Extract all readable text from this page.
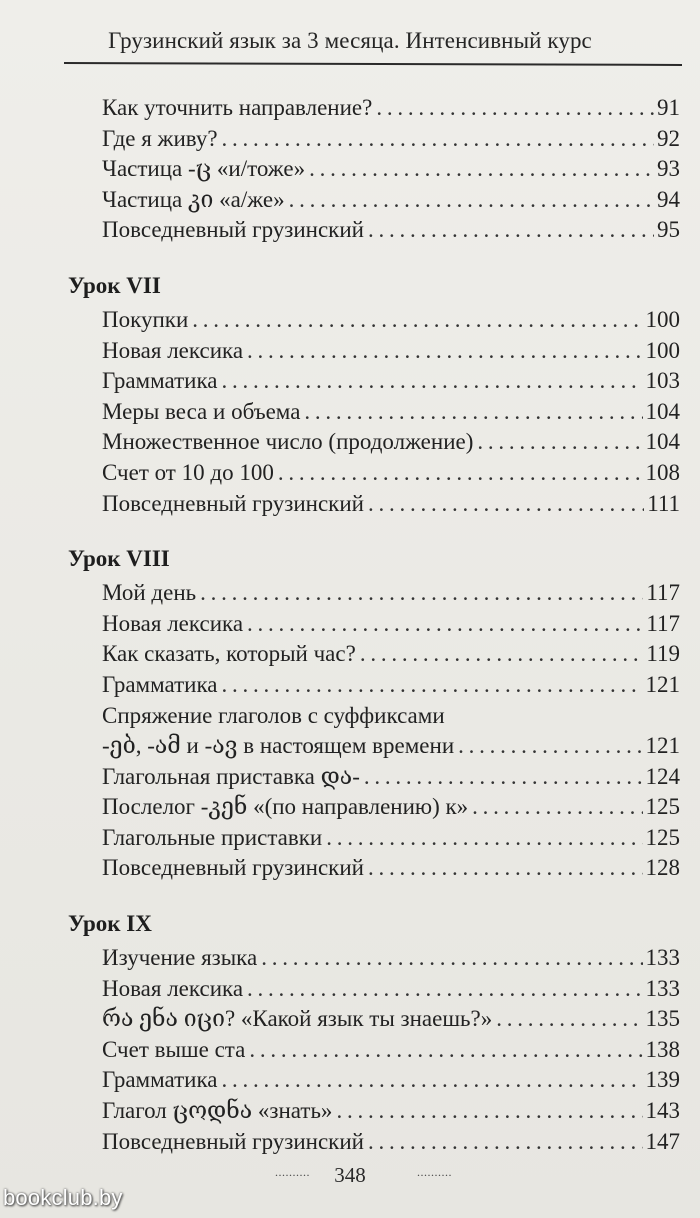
Грузинский язык за 3 месяца. Интенсивный курс
Как уточнить направление? . . .	91
Где я живу? . . .	92
Частица -ც «и/тоже» . . .	93
Частица კი «а/же» . . .	94
Повседневный грузинский . . .	95
Урок VII
Покупки . . .	100
Новая лексика . . .	100
Грамматика . . .	103
Меры веса и объема . . .	104
Множественное число (продолжение) . . .	104
Счет от 10 до 100 . . .	108
Повседневный грузинский . . .	111
Урок VIII
Мой день . . .	117
Новая лексика . . .	117
Как сказать, который час? . . .	119
Грамматика . . .	121
Спряжение глаголов с суффиксами
-ებ, -ამ и -ავ в настоящем времени . . .	121
Глагольная приставка და- . . .	124
Послелог -კენ «(по направлению) к» . . .	125
Глагольные приставки . . .	125
Повседневный грузинский . . .	128
Урок IX
Изучение языка . . .	133
Новая лексика . . .	133
რა ენა იცი? «Какой язык ты знаешь?» . . .	135
Счет выше ста . . .	138
Грамматика . . .	139
Глагол ცოდნა «знать» . . .	143
Повседневный грузинский . . .	147
..........	348	..........
bookclub.by
